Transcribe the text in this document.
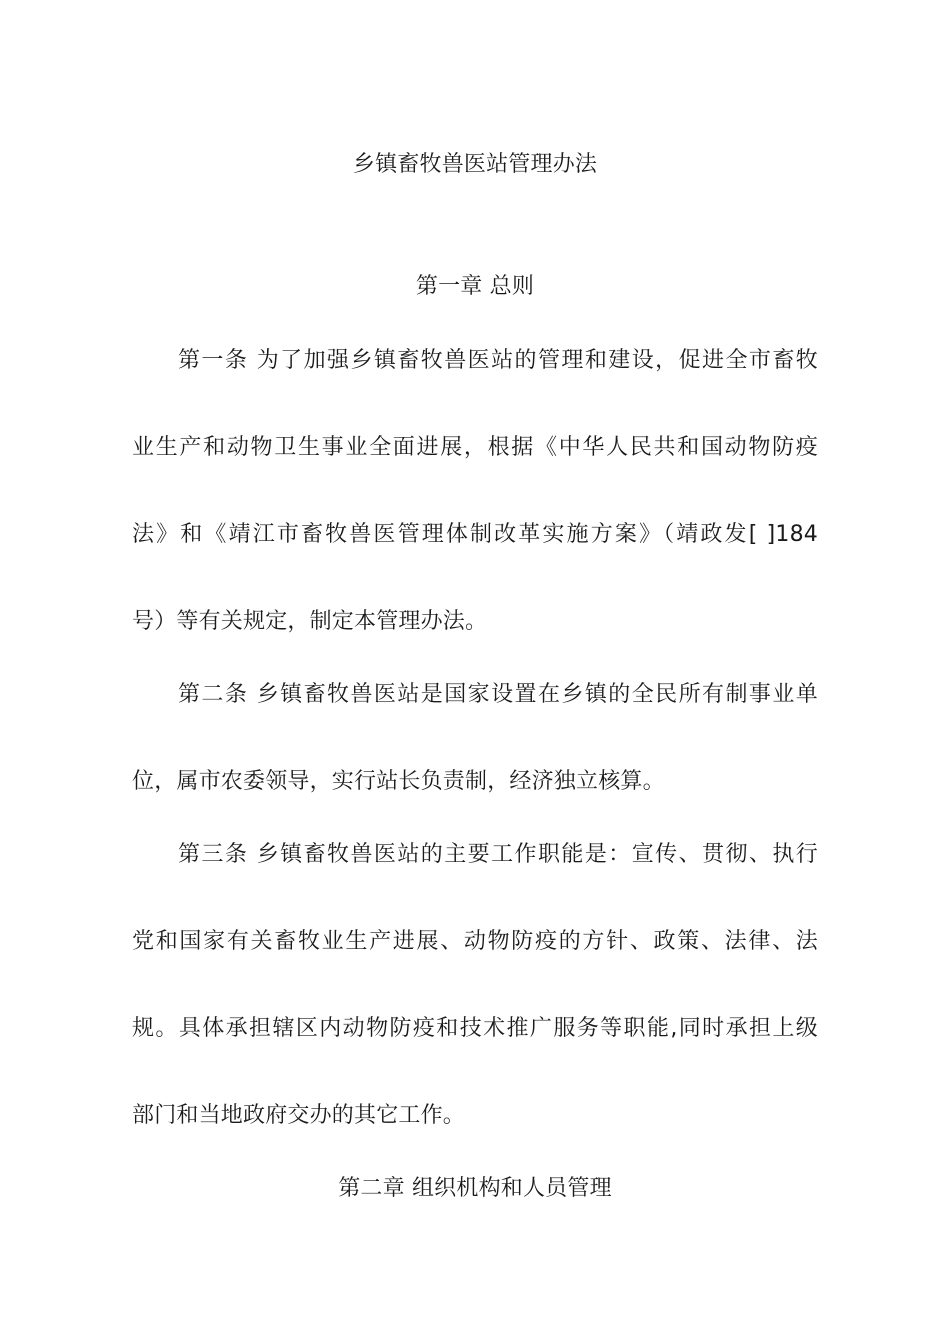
乡镇畜牧兽医站管理办法
第一章 总则
第一条 为了加强乡镇畜牧兽医站的管理和建设，促进全市畜牧
业生产和动物卫生事业全面进展，根据《中华人民共和国动物防疫
法》和《靖江市畜牧兽医管理体制改革实施方案》（靖政发[ ]184
号）等有关规定，制定本管理办法。
第二条 乡镇畜牧兽医站是国家设置在乡镇的全民所有制事业单
位，属市农委领导，实行站长负责制，经济独立核算。
第三条 乡镇畜牧兽医站的主要工作职能是：宣传、贯彻、执行
党和国家有关畜牧业生产进展、动物防疫的方针、政策、法律、法
规。具体承担辖区内动物防疫和技术推广服务等职能,同时承担上级
部门和当地政府交办的其它工作。
第二章 组织机构和人员管理
